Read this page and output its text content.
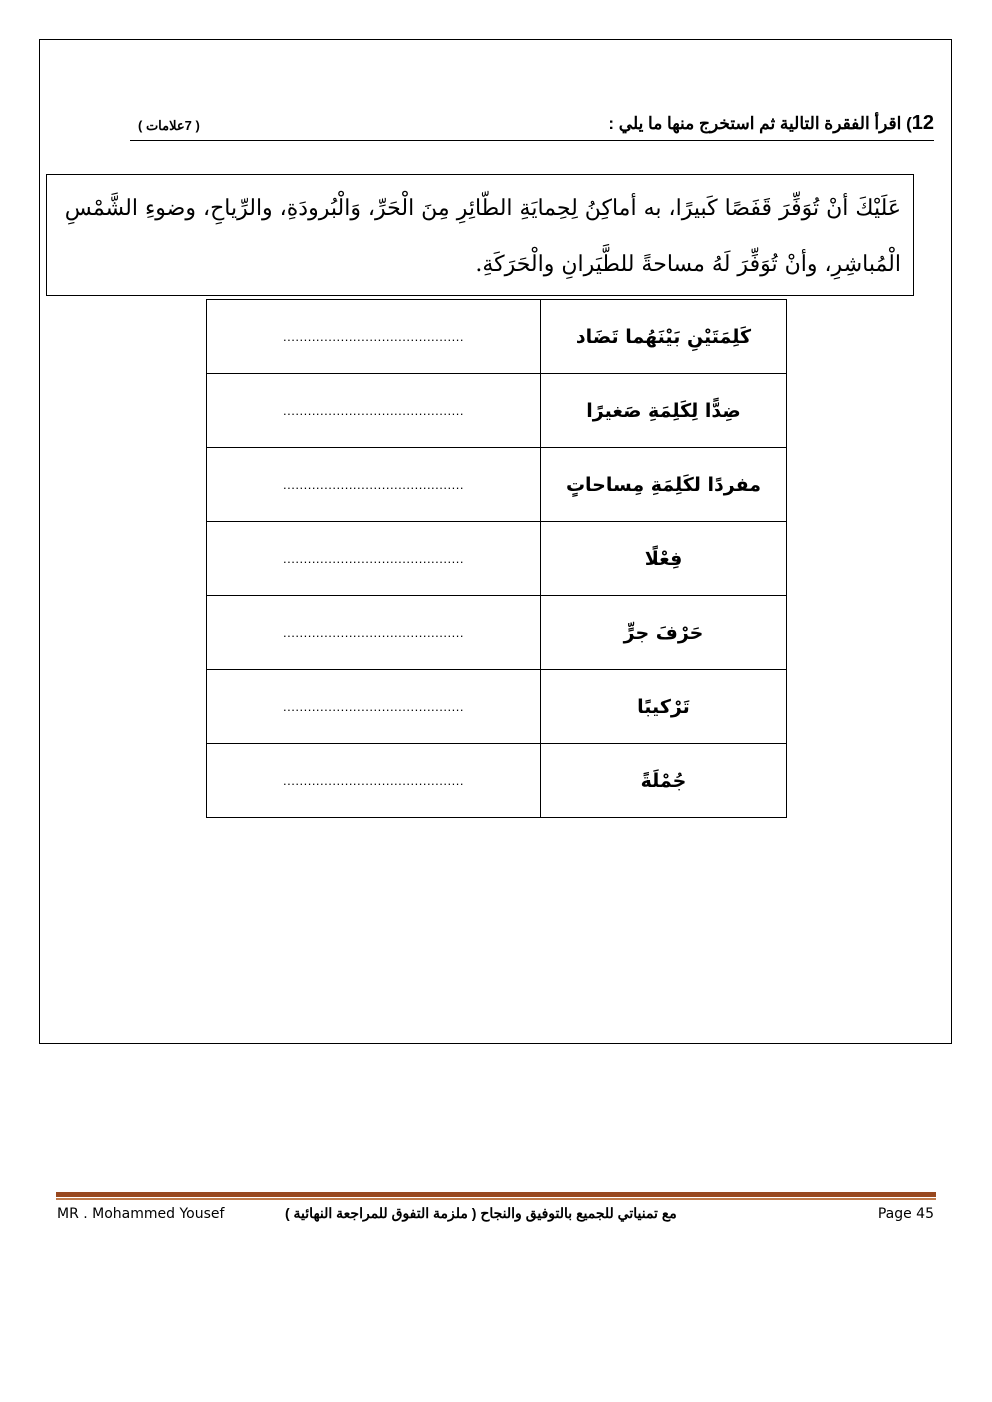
12) اقرأ الفقرة التالية ثم استخرج منها ما يلي :
( 7علامات )
عَلَيْكَ أنْ تُوَفِّرَ قَفَصًا كَبيرًا، به أماكِنُ لِحِمايَةِ الطّائِرِ مِنَ الْحَرِّ، وَالْبُرودَةِ، والرِّياحِ، وضوءِ الشَّمْسِ الْمُباشِرِ، وأنْ تُوَفِّرَ لَهُ مساحةً للطَّيَرانِ والْحَرَكَةِ.
............................................	كَلِمَتَيْنِ بَيْنَهُما تَضَاد
............................................	ضِدًّا لِكَلِمَةِ صَغيرًا
............................................	مفردًا لكَلِمَةِ مِساحاتٍ
............................................	فِعْلًا
............................................	حَرْفَ جرٍّ
............................................	تَرْكيبًا
............................................	جُمْلَةً
MR . Mohammed Yousef	مع تمنياتي للجميع بالتوفيق والنجاح ( ملزمة التفوق للمراجعة النهائية )	Page 45
